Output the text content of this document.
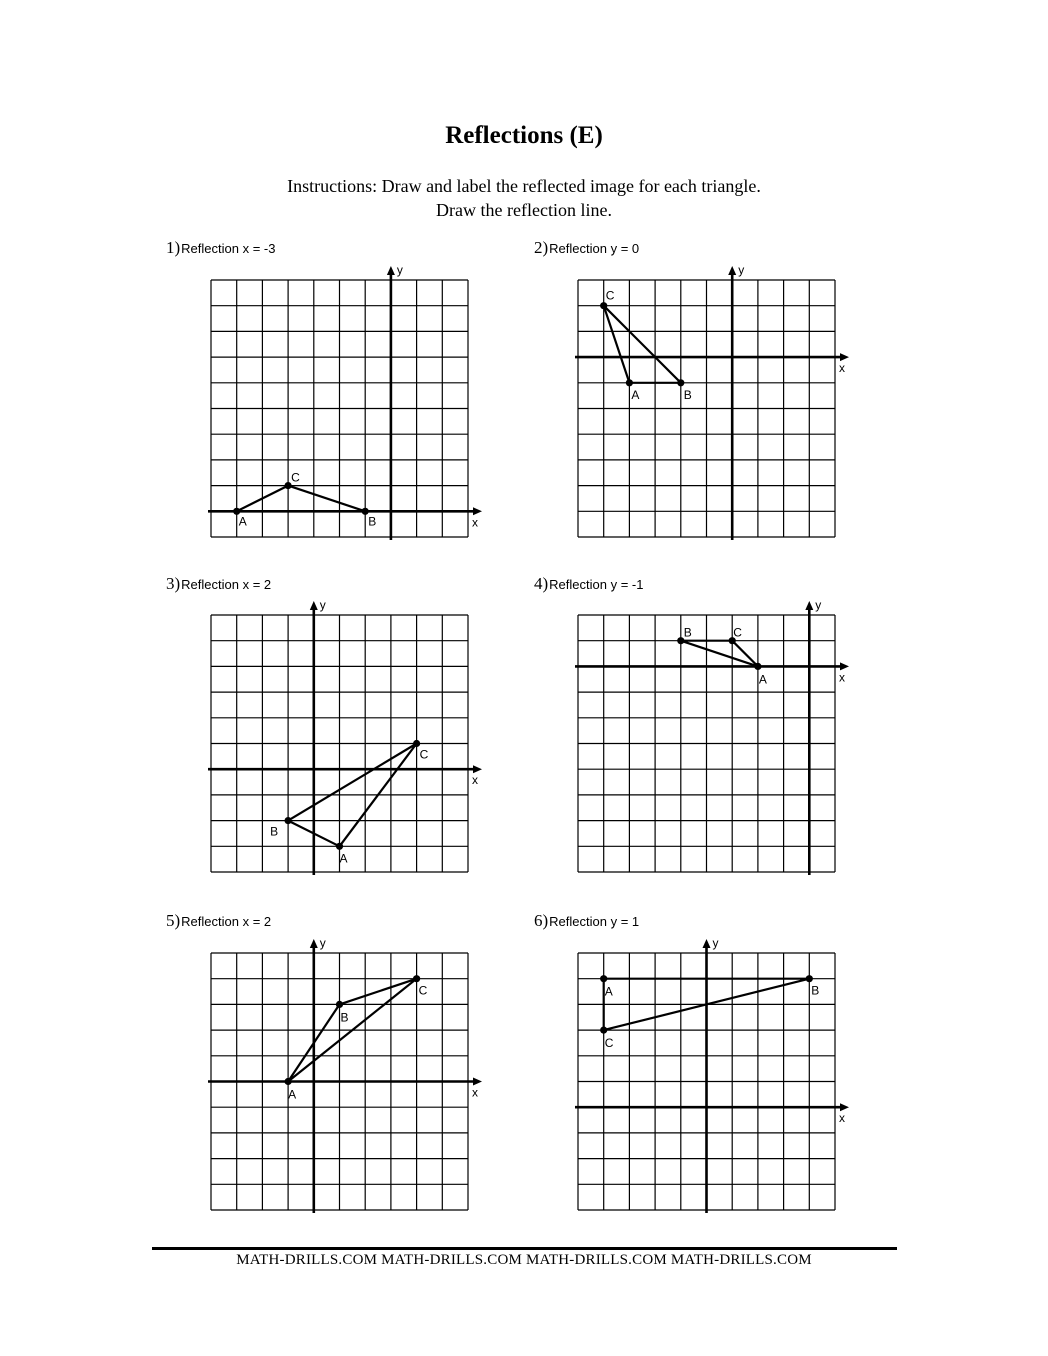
Reflections (E)
Instructions: Draw and label the reflected image for each triangle.
Draw the reflection line.
1)Reflection x = -3
x
y
A	B
C
2)Reflection y = 0
x
y
A	B
C
3)Reflection x = 2
x
y
A
B
C
4)Reflection y = -1
x
y
A
B	C
5)Reflection x = 2
x
y
A
B
C
6)Reflection y = 1
x
y
A	B
C
MATH-DRILLS.COM MATH-DRILLS.COM MATH-DRILLS.COM MATH-DRILLS.COM
